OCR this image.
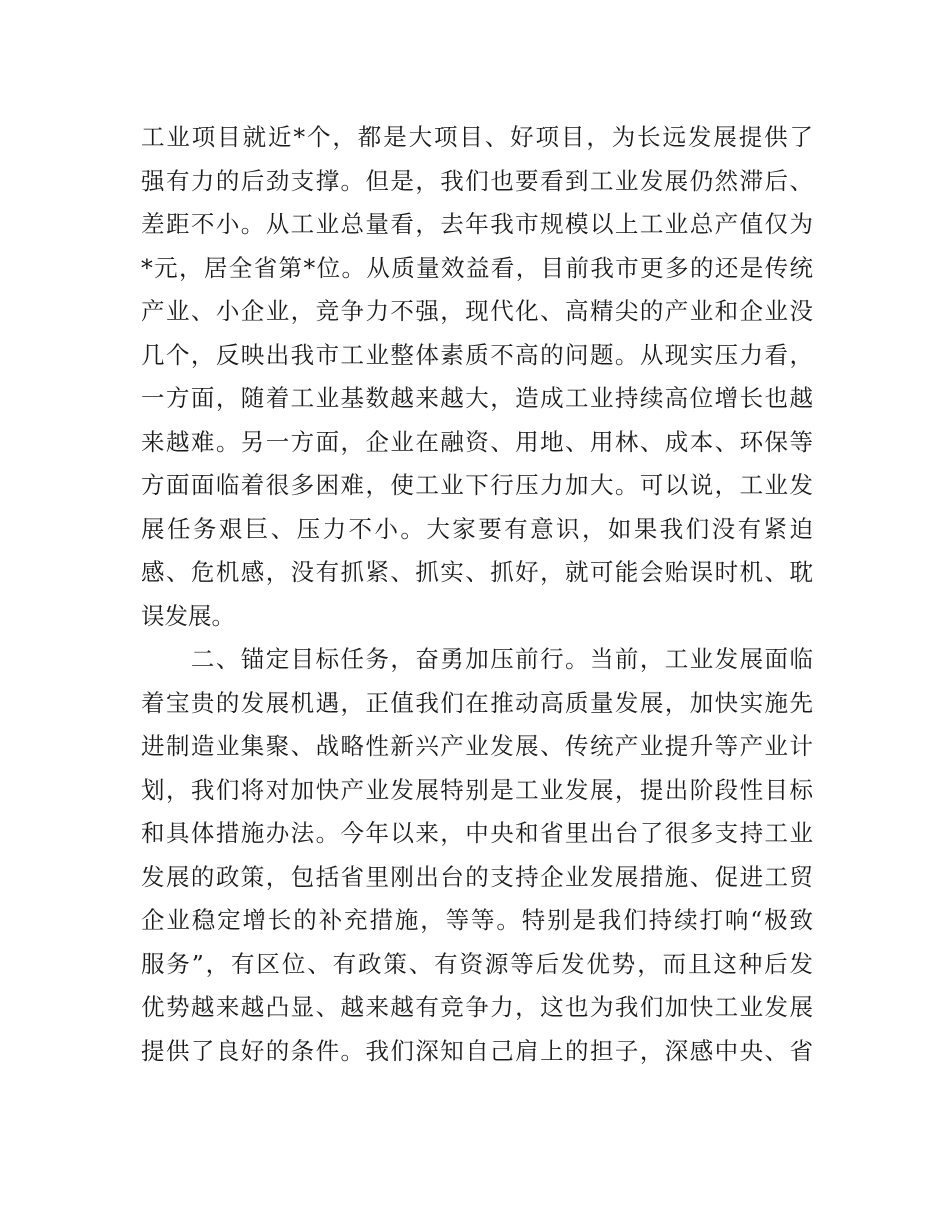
工业项目就近*个，都是大项目、好项目，为长远发展提供了
强有力的后劲支撑。但是，我们也要看到工业发展仍然滞后、
差距不小。从工业总量看，去年我市规模以上工业总产值仅为
*元，居全省第*位。从质量效益看，目前我市更多的还是传统
产业、小企业，竞争力不强，现代化、高精尖的产业和企业没
几个，反映出我市工业整体素质不高的问题。从现实压力看，
一方面，随着工业基数越来越大，造成工业持续高位增长也越
来越难。另一方面，企业在融资、用地、用林、成本、环保等
方面面临着很多困难，使工业下行压力加大。可以说，工业发
展任务艰巨、压力不小。大家要有意识，如果我们没有紧迫
感、危机感，没有抓紧、抓实、抓好，就可能会贻误时机、耽
误发展。
　　二、锚定目标任务，奋勇加压前行。当前，工业发展面临
着宝贵的发展机遇，正值我们在推动高质量发展，加快实施先
进制造业集聚、战略性新兴产业发展、传统产业提升等产业计
划，我们将对加快产业发展特别是工业发展，提出阶段性目标
和具体措施办法。今年以来，中央和省里出台了很多支持工业
发展的政策，包括省里刚出台的支持企业发展措施、促进工贸
企业稳定增长的补充措施，等等。特别是我们持续打响“极致
服务”，有区位、有政策、有资源等后发优势，而且这种后发
优势越来越凸显、越来越有竞争力，这也为我们加快工业发展
提供了良好的条件。我们深知自己肩上的担子，深感中央、省
